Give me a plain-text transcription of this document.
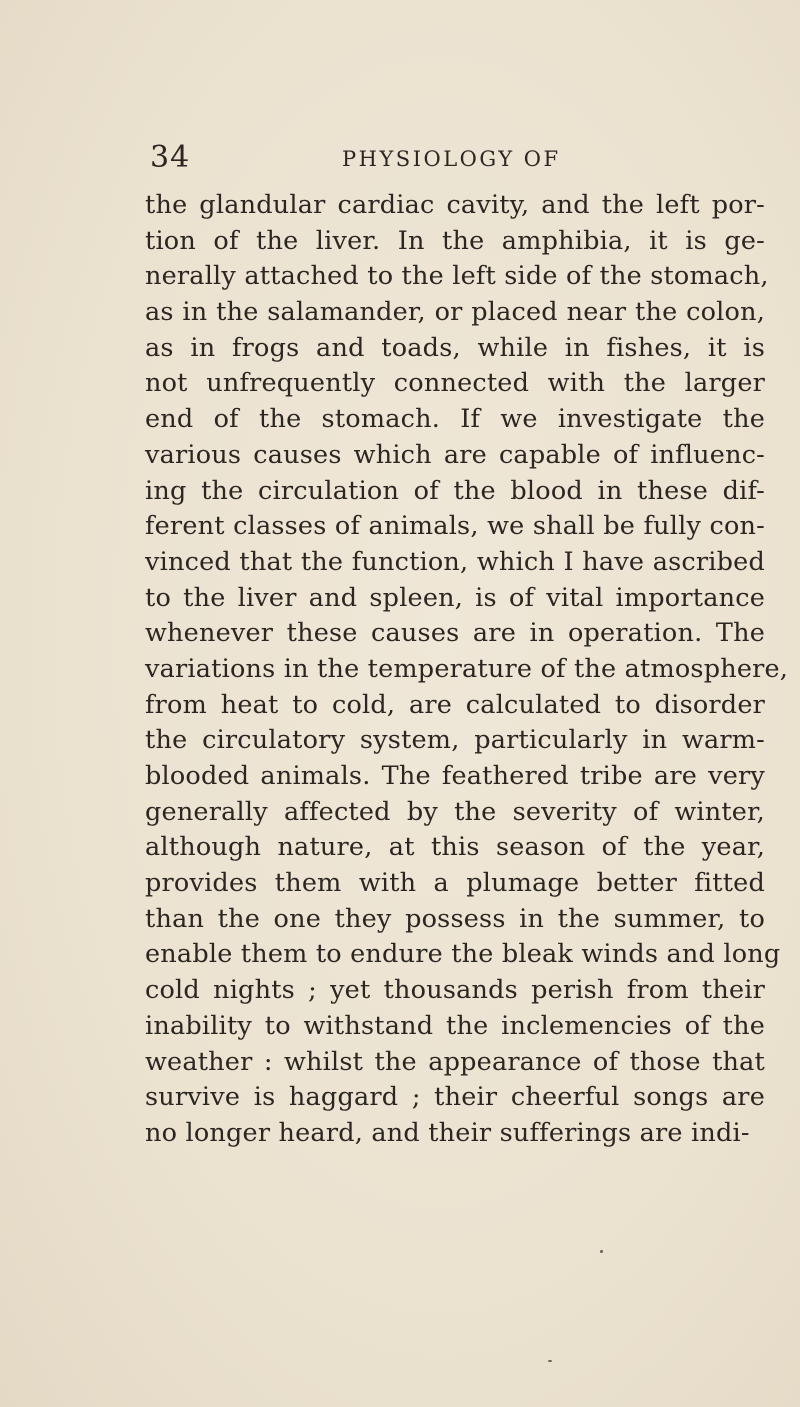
34	PHYSIOLOGY OF
the glandular cardiac cavity, and the left por-
tion of the liver. In the amphibia, it is ge-
nerally attached to the left side of the stomach,
as in the salamander, or placed near the colon,
as in frogs and toads, while in fishes, it is
not unfrequently connected with the larger
end of the stomach. If we investigate the
various causes which are capable of influenc-
ing the circulation of the blood in these dif-
ferent classes of animals, we shall be fully con-
vinced that the function, which I have ascribed
to the liver and spleen, is of vital importance
whenever these causes are in operation. The
variations in the temperature of the atmosphere,
from heat to cold, are calculated to disorder
the circulatory system, particularly in warm-
blooded animals. The feathered tribe are very
generally affected by the severity of winter,
although nature, at this season of the year,
provides them with a plumage better fitted
than the one they possess in the summer, to
enable them to endure the bleak winds and long
cold nights ; yet thousands perish from their
inability to withstand the inclemencies of the
weather : whilst the appearance of those that
survive is haggard ; their cheerful songs are
no longer heard, and their sufferings are indi-
